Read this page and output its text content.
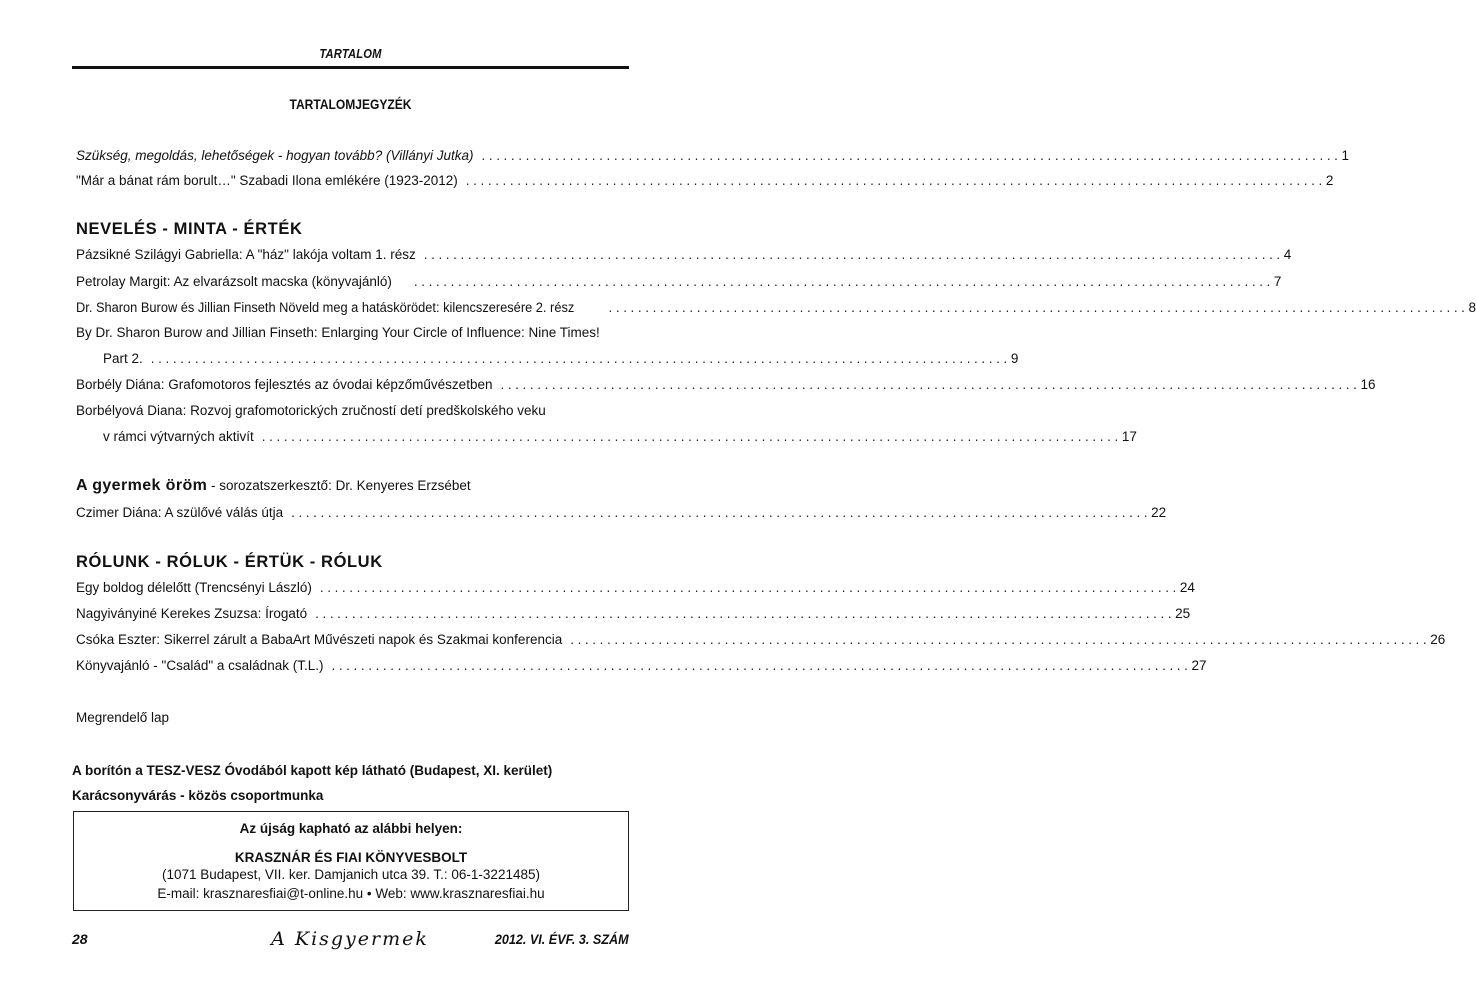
TARTALOM
TARTALOMJEGYZÉK
Szükség, megoldás, lehetőségek - hogyan tovább? (Villányi Jutka) ..................................................................................................................... 1
"Már a bánat rám borult…" Szabadi Ilona emlékére (1923-2012) ..................................................................................................................... 2
NEVELÉS - MINTA - ÉRTÉK
Pázsikné Szilágyi Gabriella: A "ház" lakója voltam 1. rész ..................................................................................................................... 4
Petrolay Margit: Az elvarázsolt macska (könyvajánló)	..................................................................................................................... 7
Dr. Sharon Burow és Jillian Finseth Növeld meg a hatáskörödet: kilencszeresére 2. rész	..................................................................................................................... 8
By Dr. Sharon Burow and Jillian Finseth: Enlarging Your Circle of Influence: Nine Times!
Part 2. ..................................................................................................................... 9
Borbély Diána: Grafomotoros fejlesztés az óvodai képzőművészetben ..................................................................................................................... 16
Borbélyová Diana: Rozvoj grafomotorických zručností detí predškolského veku
v rámci výtvarných aktivít ..................................................................................................................... 17
A gyermek öröm - sorozatszerkesztő: Dr. Kenyeres Erzsébet
Czimer Diána: A szülővé válás útja ..................................................................................................................... 22
RÓLUNK - RÓLUK - ÉRTÜK - RÓLUK
Egy boldog délelőtt (Trencsényi László) ..................................................................................................................... 24
Nagyiványiné Kerekes Zsuzsa: Írogató ..................................................................................................................... 25
Csóka Eszter: Sikerrel zárult a BabaArt Művészeti napok és Szakmai konferencia ..................................................................................................................... 26
Könyvajánló - "Család" a családnak (T.L.) ..................................................................................................................... 27
Megrendelő lap
A borítón a TESZ-VESZ Óvodából kapott kép látható (Budapest, XI. kerület)
Karácsonyvárás - közös csoportmunka
Az újság kapható az alábbi helyen:
KRASZNÁR ÉS FIAI KÖNYVESBOLT
(1071 Budapest, VII. ker. Damjanich utca 39. T.: 06-1-3221485)
E-mail: krasznaresfiai@t-online.hu • Web: www.krasznaresfiai.hu
28	A Kisgyermek	2012. VI. ÉVF. 3. SZÁM
